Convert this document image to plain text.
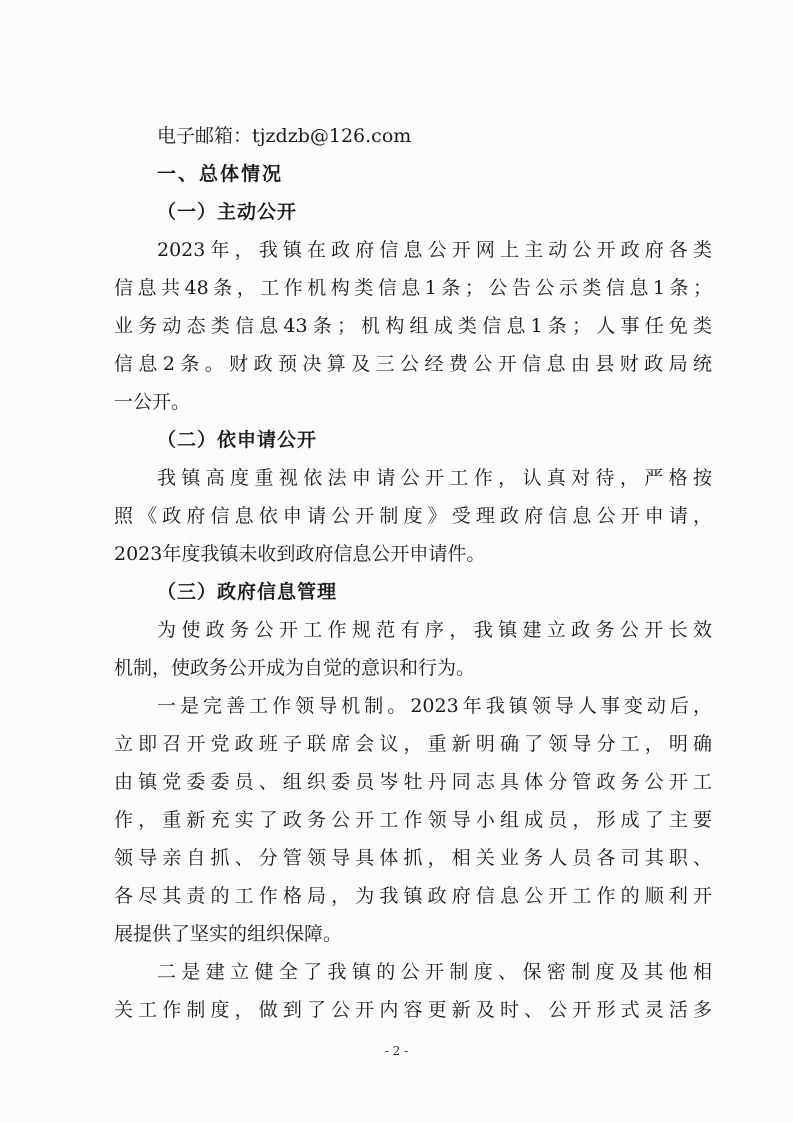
电子邮箱：tjzdzb@126.com
一、总体情况
（一）主动公开
2023年，我镇在政府信息公开网上主动公开政府各类
信息共48条，工作机构类信息1条；公告公示类信息1条；
业务动态类信息43条；机构组成类信息1条；人事任免类
信息2条。财政预决算及三公经费公开信息由县财政局统
一公开。
（二）依申请公开
我镇高度重视依法申请公开工作，认真对待，严格按
照《政府信息依申请公开制度》受理政府信息公开申请，
2023年度我镇未收到政府信息公开申请件。
（三）政府信息管理
为使政务公开工作规范有序，我镇建立政务公开长效
机制，使政务公开成为自觉的意识和行为。
一是完善工作领导机制。2023年我镇领导人事变动后，
立即召开党政班子联席会议，重新明确了领导分工，明确
由镇党委委员、组织委员岑牡丹同志具体分管政务公开工
作，重新充实了政务公开工作领导小组成员，形成了主要
领导亲自抓、分管领导具体抓，相关业务人员各司其职、
各尽其责的工作格局，为我镇政府信息公开工作的顺利开
展提供了坚实的组织保障。
二是建立健全了我镇的公开制度、保密制度及其他相
关工作制度，做到了公开内容更新及时、公开形式灵活多
- 2 -
